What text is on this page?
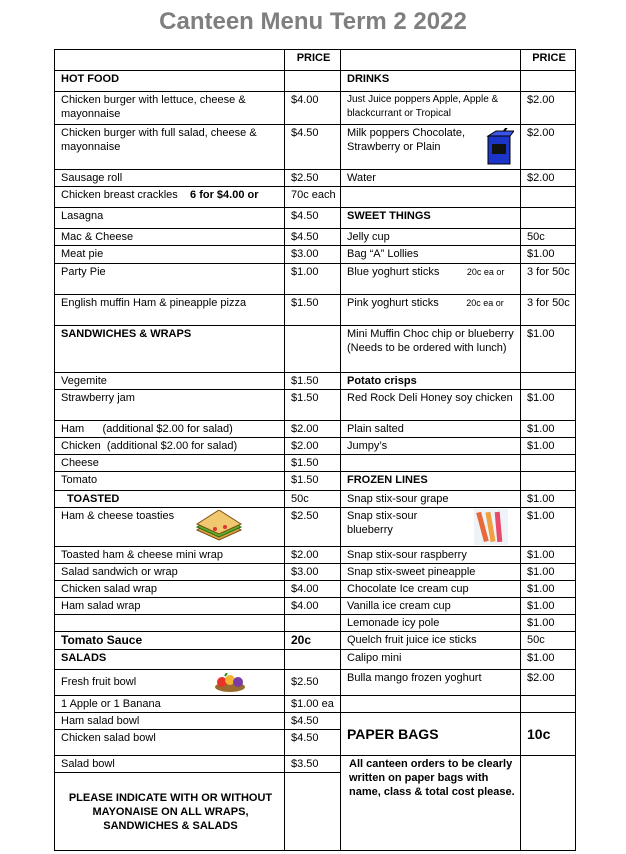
Canteen Menu Term 2 2022
	PRICE		PRICE
HOT FOOD		DRINKS	
Chicken burger with lettuce, cheese & mayonnaise	$4.00	Just Juice poppers Apple, Apple & blackcurrant or Tropical	$2.00
Chicken burger with full salad, cheese & mayonnaise	$4.50	Milk poppers Chocolate, Strawberry or Plain	$2.00
Sausage roll	$2.50	Water	$2.00
Chicken breast crackles 6 for $4.00 or	70c each		
Lasagna	$4.50	SWEET THINGS	
Mac & Cheese	$4.50	Jelly cup	50c
Meat pie	$3.00	Bag “A” Lollies	$1.00
Party Pie	$1.00	Blue yoghurt sticks 20c ea or	3 for 50c
English muffin Ham & pineapple pizza	$1.50	Pink yoghurt sticks 20c ea or	3 for 50c
SANDWICHES & WRAPS		Mini Muffin Choc chip or blueberry (Needs to be ordered with lunch)	$1.00
Vegemite	$1.50	Potato crisps	
Strawberry jam	$1.50	Red Rock Deli Honey soy chicken	$1.00
Ham      (additional $2.00 for salad)	$2.00	Plain salted	$1.00
Chicken  (additional $2.00 for salad)	$2.00	Jumpy’s	$1.00
Cheese	$1.50		
Tomato	$1.50	FROZEN LINES	
TOASTED	50c	Snap stix-sour grape	$1.00
Ham & cheese toasties	$2.50	Snap stix-sour blueberry	$1.00
Toasted ham & cheese mini wrap	$2.00	Snap stix-sour raspberry	$1.00
Salad sandwich or wrap	$3.00	Snap stix-sweet pineapple	$1.00
Chicken salad wrap	$4.00	Chocolate Ice cream cup	$1.00
Ham salad wrap	$4.00	Vanilla ice cream cup	$1.00
		Lemonade icy pole	$1.00
Tomato Sauce	20c	Quelch fruit juice ice sticks	50c
SALADS		Calipo mini	$1.00
Fresh fruit bowl	$2.50	Bulla mango frozen yoghurt	$2.00
1 Apple or 1 Banana	$1.00 ea		
Ham salad bowl	$4.50	PAPER BAGS	10c
Chicken salad bowl	$4.50		
Salad bowl	$3.50	All canteen orders to be clearly written on paper bags with name, class & total cost please.	
PLEASE INDICATE WITH OR WITHOUT MAYONAISE ON ALL WRAPS, SANDWICHES & SALADS			
